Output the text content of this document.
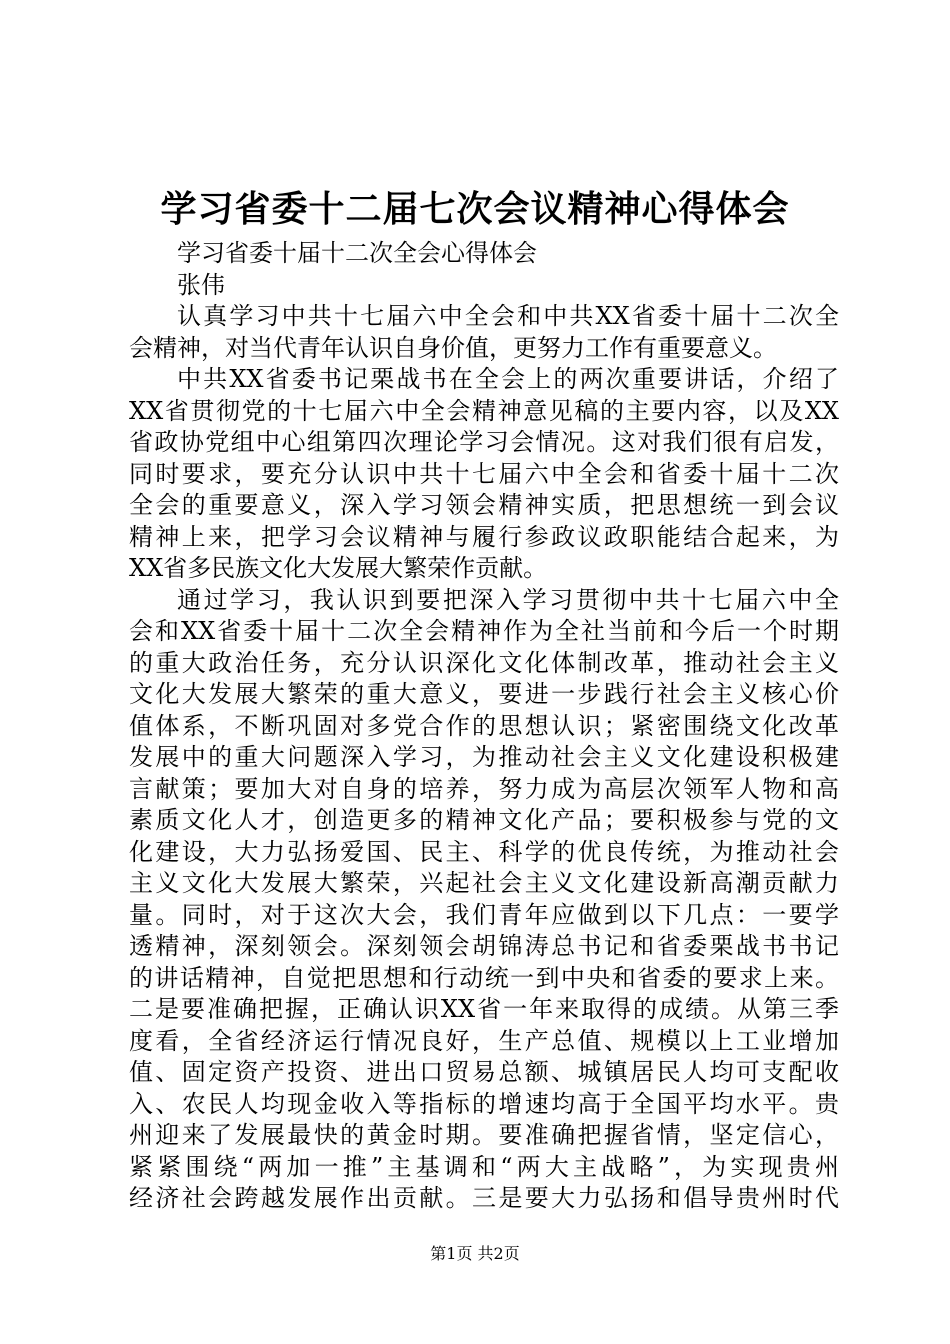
学习省委十二届七次会议精神心得体会
学习省委十届十二次全会心得体会
张伟
认真学习中共十七届六中全会和中共XX省委十届十二次全
会精神，对当代青年认识自身价值，更努力工作有重要意义。
中共XX省委书记栗战书在全会上的两次重要讲话，介绍了
XX省贯彻党的十七届六中全会精神意见稿的主要内容，以及XX
省政协党组中心组第四次理论学习会情况。这对我们很有启发，
同时要求，要充分认识中共十七届六中全会和省委十届十二次
全会的重要意义，深入学习领会精神实质，把思想统一到会议
精神上来，把学习会议精神与履行参政议政职能结合起来，为
XX省多民族文化大发展大繁荣作贡献。
通过学习，我认识到要把深入学习贯彻中共十七届六中全
会和XX省委十届十二次全会精神作为全社当前和今后一个时期
的重大政治任务，充分认识深化文化体制改革，推动社会主义
文化大发展大繁荣的重大意义，要进一步践行社会主义核心价
值体系，不断巩固对多党合作的思想认识；紧密围绕文化改革
发展中的重大问题深入学习，为推动社会主义文化建设积极建
言献策；要加大对自身的培养，努力成为高层次领军人物和高
素质文化人才，创造更多的精神文化产品；要积极参与党的文
化建设，大力弘扬爱国、民主、科学的优良传统，为推动社会
主义文化大发展大繁荣，兴起社会主义文化建设新高潮贡献力
量。同时，对于这次大会，我们青年应做到以下几点：一要学
透精神，深刻领会。深刻领会胡锦涛总书记和省委栗战书书记
的讲话精神，自觉把思想和行动统一到中央和省委的要求上来。
二是要准确把握，正确认识XX省一年来取得的成绩。从第三季
度看，全省经济运行情况良好，生产总值、规模以上工业增加
值、固定资产投资、进出口贸易总额、城镇居民人均可支配收
入、农民人均现金收入等指标的增速均高于全国平均水平。贵
州迎来了发展最快的黄金时期。要准确把握省情，坚定信心，
紧紧围绕“两加一推”主基调和“两大主战略”，为实现贵州
经济社会跨越发展作出贡献。三是要大力弘扬和倡导贵州时代
第1页 共2页
